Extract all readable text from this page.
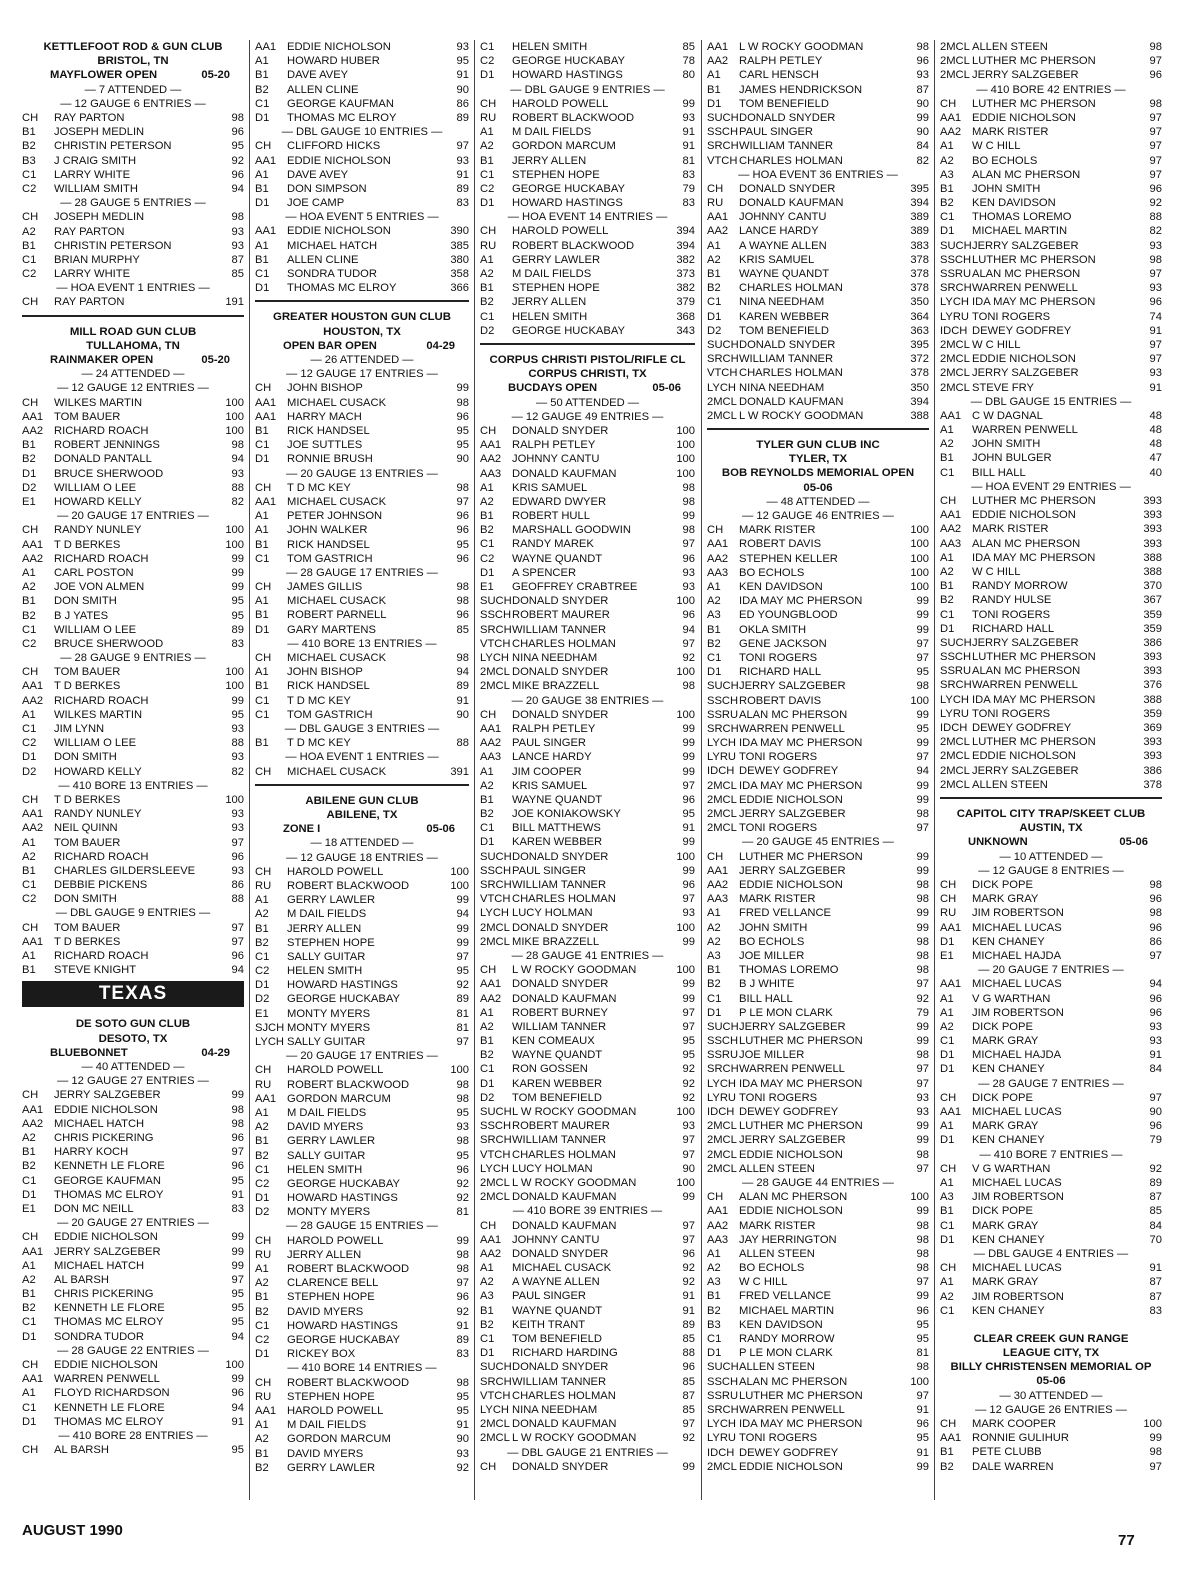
KETTLEFOOT ROD & GUN CLUB
BRISTOL, TN
MAYFLOWER OPEN	05-20
— 7 ATTENDED —
— 12 GAUGE 6 ENTRIES —
CH	RAY PARTON	98
B1	JOSEPH MEDLIN	96
B2	CHRISTIN PETERSON	95
B3	J CRAIG SMITH	92
C1	LARRY WHITE	96
C2	WILLIAM SMITH	94
— 28 GAUGE 5 ENTRIES —
CH	JOSEPH MEDLIN	98
A2	RAY PARTON	93
B1	CHRISTIN PETERSON	93
C1	BRIAN MURPHY	87
C2	LARRY WHITE	85
— HOA EVENT 1 ENTRIES —
CH	RAY PARTON	191
MILL ROAD GUN CLUB
TULLAHOMA, TN
RAINMAKER OPEN	05-20
— 24 ATTENDED —
— 12 GAUGE 12 ENTRIES —
CH	WILKES MARTIN	100
AA1 TOM BAUER	100
AA2 RICHARD ROACH	100
B1	ROBERT JENNINGS	98
B2	DONALD PANTALL	94
D1	BRUCE SHERWOOD	93
D2	WILLIAM O LEE	88
E1	HOWARD KELLY	82
— 20 GAUGE 17 ENTRIES —
CH	RANDY NUNLEY	100
AA1 T D BERKES	100
AA2 RICHARD ROACH	99
A1	CARL POSTON	99
A2	JOE VON ALMEN	99
B1	DON SMITH	95
B2	B J YATES	95
C1	WILLIAM O LEE	89
C2	BRUCE SHERWOOD	83
— 28 GAUGE 9 ENTRIES —
CH	TOM BAUER	100
AA1 T D BERKES	100
AA2 RICHARD ROACH	99
A1	WILKES MARTIN	95
C1	JIM LYNN	93
C2	WILLIAM O LEE	88
D1	DON SMITH	93
D2	HOWARD KELLY	82
— 410 BORE 13 ENTRIES —
CH	T D BERKES	100
AA1 RANDY NUNLEY	93
AA2 NEIL QUINN	93
A1	TOM BAUER	97
A2	RICHARD ROACH	96
B1	CHARLES GILDERSLEEVE	93
C1	DEBBIE PICKENS	86
C2	DON SMITH	88
— DBL GAUGE 9 ENTRIES —
CH	TOM BAUER	97
AA1 T D BERKES	97
A1	RICHARD ROACH	96
B1	STEVE KNIGHT	94
TEXAS
DE SOTO GUN CLUB
DESOTO, TX
BLUEBONNET	04-29
— 40 ATTENDED —
— 12 GAUGE 27 ENTRIES —
CH	JERRY SALZGEBER	99
AA1 EDDIE NICHOLSON	98
AA2 MICHAEL HATCH	98
A2	CHRIS PICKERING	96
B1	HARRY KOCH	97
B2	KENNETH LE FLORE	96
C1	GEORGE KAUFMAN	95
D1	THOMAS MC ELROY	91
E1	DON MC NEILL	83
— 20 GAUGE 27 ENTRIES —
CH	EDDIE NICHOLSON	99
AA1 JERRY SALZGEBER	99
A1	MICHAEL HATCH	99
A2	AL BARSH	97
B1	CHRIS PICKERING	95
B2	KENNETH LE FLORE	95
C1	THOMAS MC ELROY	95
D1	SONDRA TUDOR	94
— 28 GAUGE 22 ENTRIES —
CH	EDDIE NICHOLSON	100
AA1 WARREN PENWELL	99
A1	FLOYD RICHARDSON	96
C1	KENNETH LE FLORE	94
D1	THOMAS MC ELROY	91
— 410 BORE 28 ENTRIES —
CH	AL BARSH	95
AA1 EDDIE NICHOLSON	93
A1	HOWARD HUBER	95
B1	DAVE AVEY	91
B2	ALLEN CLINE	90
C1	GEORGE KAUFMAN	86
D1	THOMAS MC ELROY	89
— DBL GAUGE 10 ENTRIES —
CH	CLIFFORD HICKS	97
AA1 EDDIE NICHOLSON	93
A1	DAVE AVEY	91
B1	DON SIMPSON	89
D1	JOE CAMP	83
— HOA EVENT 5 ENTRIES —
AA1 EDDIE NICHOLSON	390
A1	MICHAEL HATCH	385
B1	ALLEN CLINE	380
C1	SONDRA TUDOR	358
D1	THOMAS MC ELROY	366
GREATER HOUSTON GUN CLUB
HOUSTON, TX
OPEN BAR OPEN	04-29
— 26 ATTENDED —
— 12 GAUGE 17 ENTRIES —
CH	JOHN BISHOP	99
AA1 MICHAEL CUSACK	98
AA1 HARRY MACH	96
B1	RICK HANDSEL	95
C1	JOE SUTTLES	95
D1	RONNIE BRUSH	90
— 20 GAUGE 13 ENTRIES —
CH	T D MC KEY	98
AA1 MICHAEL CUSACK	97
A1	PETER JOHNSON	96
A1	JOHN WALKER	96
B1	RICK HANDSEL	95
C1	TOM GASTRICH	96
— 28 GAUGE 17 ENTRIES —
CH	JAMES GILLIS	98
A1	MICHAEL CUSACK	98
B1	ROBERT PARNELL	96
D1	GARY MARTENS	85
— 410 BORE 13 ENTRIES —
CH	MICHAEL CUSACK	98
A1	JOHN BISHOP	94
B1	RICK HANDSEL	89
C1	T D MC KEY	91
C1	TOM GASTRICH	90
— DBL GAUGE 3 ENTRIES —
B1	T D MC KEY	88
— HOA EVENT 1 ENTRIES —
CH	MICHAEL CUSACK	391
ABILENE GUN CLUB
ABILENE, TX
ZONE I	05-06
— 18 ATTENDED —
— 12 GAUGE 18 ENTRIES —
CH	HAROLD POWELL	100
RU	ROBERT BLACKWOOD	100
A1	GERRY LAWLER	99
A2	M DAIL FIELDS	94
B1	JERRY ALLEN	99
B2	STEPHEN HOPE	99
C1	SALLY GUITAR	97
C2	HELEN SMITH	95
D1	HOWARD HASTINGS	92
D2	GEORGE HUCKABAY	89
E1	MONTY MYERS	81
SJCH MONTY MYERS	81
LYCH SALLY GUITAR	97
— 20 GAUGE 17 ENTRIES —
CH	HAROLD POWELL	100
RU	ROBERT BLACKWOOD	98
AA1 GORDON MARCUM	98
A1	M DAIL FIELDS	95
A2	DAVID MYERS	93
B1	GERRY LAWLER	98
B2	SALLY GUITAR	95
C1	HELEN SMITH	96
C2	GEORGE HUCKABAY	92
D1	HOWARD HASTINGS	92
D2	MONTY MYERS	81
— 28 GAUGE 15 ENTRIES —
CH	HAROLD POWELL	99
RU	JERRY ALLEN	98
A1	ROBERT BLACKWOOD	98
A2	CLARENCE BELL	97
B1	STEPHEN HOPE	96
B2	DAVID MYERS	92
C1	HOWARD HASTINGS	91
C2	GEORGE HUCKABAY	89
D1	RICKEY BOX	83
— 410 BORE 14 ENTRIES —
CH	ROBERT BLACKWOOD	98
RU	STEPHEN HOPE	95
AA1 HAROLD POWELL	95
A1	M DAIL FIELDS	91
A2	GORDON MARCUM	90
B1	DAVID MYERS	93
B2	GERRY LAWLER	92
C1	HELEN SMITH	85
C2	GEORGE HUCKABAY	78
D1	HOWARD HASTINGS	80
— DBL GAUGE 9 ENTRIES —
CH	HAROLD POWELL	99
RU	ROBERT BLACKWOOD	93
A1	M DAIL FIELDS	91
A2	GORDON MARCUM	91
B1	JERRY ALLEN	81
C1	STEPHEN HOPE	83
C2	GEORGE HUCKABAY	79
D1	HOWARD HASTINGS	83
— HOA EVENT 14 ENTRIES —
CH	HAROLD POWELL	394
RU	ROBERT BLACKWOOD	394
A1	GERRY LAWLER	382
A2	M DAIL FIELDS	373
B1	STEPHEN HOPE	382
B2	JERRY ALLEN	379
C1	HELEN SMITH	368
D2	GEORGE HUCKABAY	343
CORPUS CHRISTI PISTOL/RIFLE CL
CORPUS CHRISTI, TX
BUCDAYS OPEN	05-06
— 50 ATTENDED —
— 12 GAUGE 49 ENTRIES —
CH	DONALD SNYDER	100
AA1 RALPH PETLEY	100
AA2 JOHNNY CANTU	100
AA3 DONALD KAUFMAN	100
A1	KRIS SAMUEL	98
A2	EDWARD DWYER	98
B1	ROBERT HULL	99
B2	MARSHALL GOODWIN	98
C1	RANDY MAREK	97
C2	WAYNE QUANDT	96
D1	A SPENCER	93
E1	GEOFFREY CRABTREE	93
SUCH DONALD SNYDER	100
SSCH ROBERT MAURER	96
SRCH WILLIAM TANNER	94
VTCH CHARLES HOLMAN	97
LYCH NINA NEEDHAM	92
2MCL DONALD SNYDER	100
2MCL MIKE BRAZZELL	98
— 20 GAUGE 38 ENTRIES —
CH	DONALD SNYDER	100
AA1 RALPH PETLEY	99
AA2 PAUL SINGER	99
AA3 LANCE HARDY	99
A1	JIM COOPER	99
A2	KRIS SAMUEL	97
B1	WAYNE QUANDT	96
B2	JOE KONIAKOWSKY	95
C1	BILL MATTHEWS	91
D1	KAREN WEBBER	99
SUCH DONALD SNYDER	100
SSCH PAUL SINGER	99
SRCH WILLIAM TANNER	96
VTCH CHARLES HOLMAN	97
LYCH LUCY HOLMAN	93
2MCL DONALD SNYDER	100
2MCL MIKE BRAZZELL	99
— 28 GAUGE 41 ENTRIES —
CH	L W ROCKY GOODMAN	100
AA1 DONALD SNYDER	99
AA2 DONALD KAUFMAN	99
A1	ROBERT BURNEY	97
A2	WILLIAM TANNER	97
B1	KEN COMEAUX	95
B2	WAYNE QUANDT	95
C1	RON GOSSEN	92
D1	KAREN WEBBER	92
D2	TOM BENEFIELD	92
SUCH L W ROCKY GOODMAN	100
SSCH ROBERT MAURER	93
SRCH WILLIAM TANNER	97
VTCH CHARLES HOLMAN	97
LYCH LUCY HOLMAN	90
2MCL L W ROCKY GOODMAN	100
2MCL DONALD KAUFMAN	99
— 410 BORE 39 ENTRIES —
CH	DONALD KAUFMAN	97
AA1 JOHNNY CANTU	97
AA2 DONALD SNYDER	96
A1	MICHAEL CUSACK	92
A2	A WAYNE ALLEN	92
A3	PAUL SINGER	91
B1	WAYNE QUANDT	91
B2	KEITH TRANT	89
C1	TOM BENEFIELD	85
D1	RICHARD HARDING	88
SUCH DONALD SNYDER	96
SRCH WILLIAM TANNER	85
VTCH CHARLES HOLMAN	87
LYCH NINA NEEDHAM	85
2MCL DONALD KAUFMAN	97
2MCL L W ROCKY GOODMAN	92
— DBL GAUGE 21 ENTRIES —
CH	DONALD SNYDER	99
AA1 L W ROCKY GOODMAN	98
AA2 RALPH PETLEY	96
A1	CARL HENSCH	93
B1	JAMES HENDRICKSON	87
D1	TOM BENEFIELD	90
SUCH DONALD SNYDER	99
SSCH PAUL SINGER	90
SRCH WILLIAM TANNER	84
VTCH CHARLES HOLMAN	82
— HOA EVENT 36 ENTRIES —
CH	DONALD SNYDER	395
RU	DONALD KAUFMAN	394
AA1 JOHNNY CANTU	389
AA2 LANCE HARDY	389
A1	A WAYNE ALLEN	383
A2	KRIS SAMUEL	378
B1	WAYNE QUANDT	378
B2	CHARLES HOLMAN	378
C1	NINA NEEDHAM	350
D1	KAREN WEBBER	364
D2	TOM BENEFIELD	363
SUCH DONALD SNYDER	395
SRCH WILLIAM TANNER	372
VTCH CHARLES HOLMAN	378
LYCH NINA NEEDHAM	350
2MCL DONALD KAUFMAN	394
2MCL L W ROCKY GOODMAN	388
TYLER GUN CLUB INC
TYLER, TX
BOB REYNOLDS MEMORIAL OPEN
05-06
— 48 ATTENDED —
— 12 GAUGE 46 ENTRIES —
CH	MARK RISTER	100
AA1 ROBERT DAVIS	100
AA2 STEPHEN KELLER	100
AA3 BO ECHOLS	100
A1	KEN DAVIDSON	100
A2	IDA MAY MC PHERSON	99
A3	ED YOUNGBLOOD	99
B1	OKLA SMITH	99
B2	GENE JACKSON	97
C1	TONI ROGERS	97
D1	RICHARD HALL	95
SUCH JERRY SALZGEBER	98
SSCH ROBERT DAVIS	100
SSRU ALAN MC PHERSON	99
SRCH WARREN PENWELL	95
LYCH IDA MAY MC PHERSON	99
LYRU TONI ROGERS	97
IDCH DEWEY GODFREY	94
2MCL IDA MAY MC PHERSON	99
2MCL EDDIE NICHOLSON	99
2MCL JERRY SALZGEBER	98
2MCL TONI ROGERS	97
— 20 GAUGE 45 ENTRIES —
CH	LUTHER MC PHERSON	99
AA1 JERRY SALZGEBER	99
AA2 EDDIE NICHOLSON	98
AA3 MARK RISTER	98
A1	FRED VELLANCE	99
A2	JOHN SMITH	99
A2	BO ECHOLS	98
A3	JOE MILLER	98
B1	THOMAS LOREMO	98
B2	B J WHITE	97
C1	BILL HALL	92
D1	P LE MON CLARK	79
SUCH JERRY SALZGEBER	99
SSCH LUTHER MC PHERSON	99
SSRU JOE MILLER	98
SRCH WARREN PENWELL	97
LYCH IDA MAY MC PHERSON	97
LYRU TONI ROGERS	93
IDCH DEWEY GODFREY	93
2MCL LUTHER MC PHERSON	99
2MCL JERRY SALZGEBER	99
2MCL EDDIE NICHOLSON	98
2MCL ALLEN STEEN	97
— 28 GAUGE 44 ENTRIES —
CH	ALAN MC PHERSON	100
AA1 EDDIE NICHOLSON	99
AA2 MARK RISTER	98
AA3 JAY HERRINGTON	98
A1	ALLEN STEEN	98
A2	BO ECHOLS	98
A3	W C HILL	97
B1	FRED VELLANCE	99
B2	MICHAEL MARTIN	96
B3	KEN DAVIDSON	95
C1	RANDY MORROW	95
D1	P LE MON CLARK	81
SUCH ALLEN STEEN	98
SSCH ALAN MC PHERSON	100
SSRU LUTHER MC PHERSON	97
SRCH WARREN PENWELL	91
LYCH IDA MAY MC PHERSON	96
LYRU TONI ROGERS	95
IDCH DEWEY GODFREY	91
2MCL EDDIE NICHOLSON	99
2MCL ALLEN STEEN	98
2MCL LUTHER MC PHERSON	97
2MCL JERRY SALZGEBER	96
— 410 BORE 42 ENTRIES —
CH	LUTHER MC PHERSON	98
AA1 EDDIE NICHOLSON	97
AA2 MARK RISTER	97
A1	W C HILL	97
A2	BO ECHOLS	97
A3	ALAN MC PHERSON	97
B1	JOHN SMITH	96
B2	KEN DAVIDSON	92
C1	THOMAS LOREMO	88
D1	MICHAEL MARTIN	82
SUCH JERRY SALZGEBER	93
SSCH LUTHER MC PHERSON	98
SSRU ALAN MC PHERSON	97
SRCH WARREN PENWELL	93
LYCH IDA MAY MC PHERSON	96
LYRU TONI ROGERS	74
IDCH DEWEY GODFREY	91
2MCL W C HILL	97
2MCL EDDIE NICHOLSON	97
2MCL JERRY SALZGEBER	93
2MCL STEVE FRY	91
— DBL GAUGE 15 ENTRIES —
AA1 C W DAGNAL	48
A1	WARREN PENWELL	48
A2	JOHN SMITH	48
B1	JOHN BULGER	47
C1	BILL HALL	40
— HOA EVENT 29 ENTRIES —
CH	LUTHER MC PHERSON	393
AA1 EDDIE NICHOLSON	393
AA2 MARK RISTER	393
AA3 ALAN MC PHERSON	393
A1	IDA MAY MC PHERSON	388
A2	W C HILL	388
B1	RANDY MORROW	370
B2	RANDY HULSE	367
C1	TONI ROGERS	359
D1	RICHARD HALL	359
SUCH JERRY SALZGEBER	386
SSCH LUTHER MC PHERSON	393
SSRU ALAN MC PHERSON	393
SRCH WARREN PENWELL	376
LYCH IDA MAY MC PHERSON	388
LYRU TONI ROGERS	359
IDCH DEWEY GODFREY	369
2MCL LUTHER MC PHERSON	393
2MCL EDDIE NICHOLSON	393
2MCL JERRY SALZGEBER	386
2MCL ALLEN STEEN	378
CAPITOL CITY TRAP/SKEET CLUB
AUSTIN, TX
UNKNOWN	05-06
— 10 ATTENDED —
— 12 GAUGE 8 ENTRIES —
CH	DICK POPE	98
CH	MARK GRAY	96
RU	JIM ROBERTSON	98
AA1 MICHAEL LUCAS	96
D1	KEN CHANEY	86
E1	MICHAEL HAJDA	97
— 20 GAUGE 7 ENTRIES —
AA1 MICHAEL LUCAS	94
A1	V G WARTHAN	96
A1	JIM ROBERTSON	96
A2	DICK POPE	93
C1	MARK GRAY	93
D1	MICHAEL HAJDA	91
D1	KEN CHANEY	84
— 28 GAUGE 7 ENTRIES —
CH	DICK POPE	97
AA1 MICHAEL LUCAS	90
A1	MARK GRAY	96
D1	KEN CHANEY	79
— 410 BORE 7 ENTRIES —
CH	V G WARTHAN	92
A1	MICHAEL LUCAS	89
A3	JIM ROBERTSON	87
B1	DICK POPE	85
C1	MARK GRAY	84
D1	KEN CHANEY	70
— DBL GAUGE 4 ENTRIES —
CH	MICHAEL LUCAS	91
A1	MARK GRAY	87
A2	JIM ROBERTSON	87
C1	KEN CHANEY	83
CLEAR CREEK GUN RANGE
LEAGUE CITY, TX
BILLY CHRISTENSEN MEMORIAL OP
05-06
— 30 ATTENDED —
— 12 GAUGE 26 ENTRIES —
CH	MARK COOPER	100
AA1 RONNIE GULIHUR	99
B1	PETE CLUBB	98
B2	DALE WARREN	97
AUGUST 1990
77
